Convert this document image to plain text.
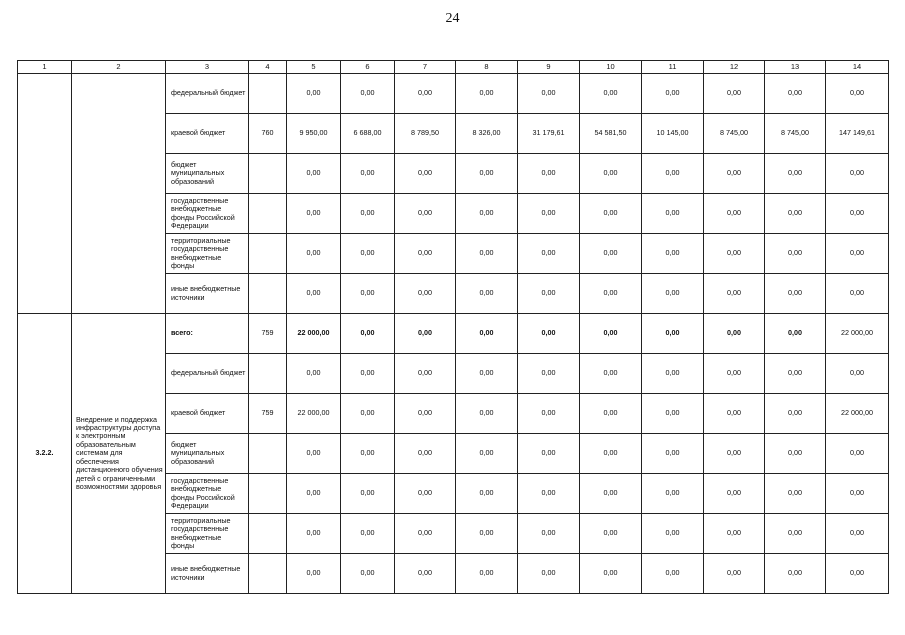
24
1	2	3	4	5	6	7	8	9	10	11	12	13	14
		федеральный бюджет		0,00	0,00	0,00	0,00	0,00	0,00	0,00	0,00	0,00	0,00
		краевой бюджет	760	9 950,00	6 688,00	8 789,50	8 326,00	31 179,61	54 581,50	10 145,00	8 745,00	8 745,00	147 149,61
		бюджет муниципальных образований		0,00	0,00	0,00	0,00	0,00	0,00	0,00	0,00	0,00	0,00
		государственные внебюджетные фонды Российской Федерации		0,00	0,00	0,00	0,00	0,00	0,00	0,00	0,00	0,00	0,00
		территориальные государственные внебюджетные фонды		0,00	0,00	0,00	0,00	0,00	0,00	0,00	0,00	0,00	0,00
		иные внебюджетные источники		0,00	0,00	0,00	0,00	0,00	0,00	0,00	0,00	0,00	0,00
3.2.2.	Внедрение и поддержка инфраструктуры доступа к электронным образовательным системам для обеспечения дистанционного обучения детей с ограниченными возможностями здоровья	всего:	759	22 000,00	0,00	0,00	0,00	0,00	0,00	0,00	0,00	0,00	22 000,00
		федеральный бюджет		0,00	0,00	0,00	0,00	0,00	0,00	0,00	0,00	0,00	0,00
		краевой бюджет	759	22 000,00	0,00	0,00	0,00	0,00	0,00	0,00	0,00	0,00	22 000,00
		бюджет муниципальных образований		0,00	0,00	0,00	0,00	0,00	0,00	0,00	0,00	0,00	0,00
		государственные внебюджетные фонды Российской Федерации		0,00	0,00	0,00	0,00	0,00	0,00	0,00	0,00	0,00	0,00
		территориальные государственные внебюджетные фонды		0,00	0,00	0,00	0,00	0,00	0,00	0,00	0,00	0,00	0,00
		иные внебюджетные источники		0,00	0,00	0,00	0,00	0,00	0,00	0,00	0,00	0,00	0,00
